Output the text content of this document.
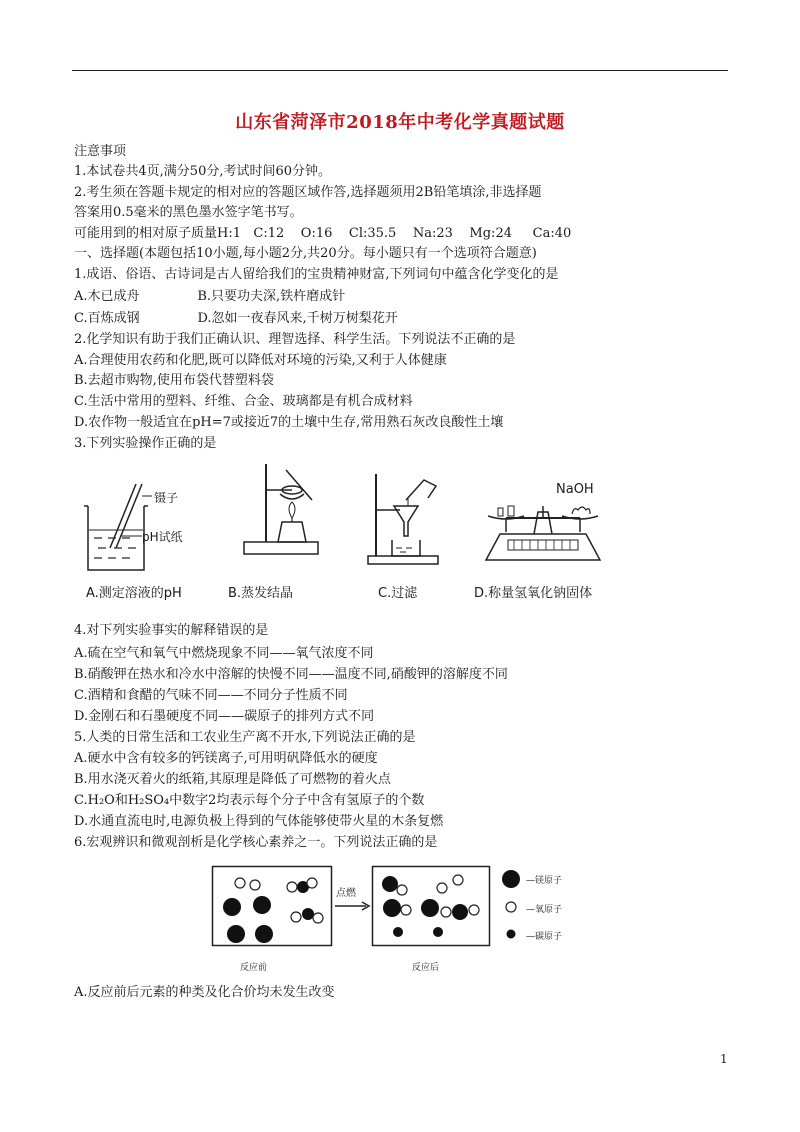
山东省菏泽市2018年中考化学真题试题
注意事项
1.本试卷共4页,满分50分,考试时间60分钟。
2.考生须在答题卡规定的相对应的答题区域作答,选择题须用2B铅笔填涂,非选择题
答案用0.5毫米的黑色墨水签字笔书写。
可能用到的相对原子质量H:1   C:12    O:16    Cl:35.5    Na:23    Mg:24     Ca:40
一、选择题(本题包括10小题,每小题2分,共20分。每小题只有一个选项符合题意)
1.成语、俗语、古诗词是古人留给我们的宝贵精神财富,下列词句中蕴含化学变化的是
A.木已成舟              B.只要功夫深,铁杵磨成针
C.百炼成钢              D.忽如一夜春风来,千树万树梨花开
2.化学知识有助于我们正确认识、理智选择、科学生活。下列说法不正确的是
A.合理使用农药和化肥,既可以降低对环境的污染,又利于人体健康
B.去超市购物,使用布袋代替塑料袋
C.生活中常用的塑料、纤维、合金、玻璃都是有机合成材料
D.农作物一般适宜在pH=7或接近7的土壤中生存,常用熟石灰改良酸性土壤
3.下列实验操作正确的是
镊子
pH试纸
NaOH
A.测定溶液的pH	B.蒸发结晶	C.过滤	D.称量氢氧化钠固体
4.对下列实验事实的解释错误的是
A.硫在空气和氧气中燃烧现象不同——氧气浓度不同
B.硝酸钾在热水和冷水中溶解的快慢不同——温度不同,硝酸钾的溶解度不同
C.酒精和食醋的气味不同——不同分子性质不同
D.金刚石和石墨硬度不同——碳原子的排列方式不同
5.人类的日常生活和工农业生产离不开水,下列说法正确的是
A.硬水中含有较多的钙镁离子,可用明矾降低水的硬度
B.用水浇灭着火的纸箱,其原理是降低了可燃物的着火点
C.H₂O和H₂SO₄中数字2均表示每个分子中含有氢原子的个数
D.水通直流电时,电源负极上得到的气体能够使带火星的木条复燃
6.宏观辨识和微观剖析是化学核心素养之一。下列说法正确的是
点燃
反应前	反应后
—镁原子
—氧原子
—碳原子
A.反应前后元素的种类及化合价均未发生改变
1
